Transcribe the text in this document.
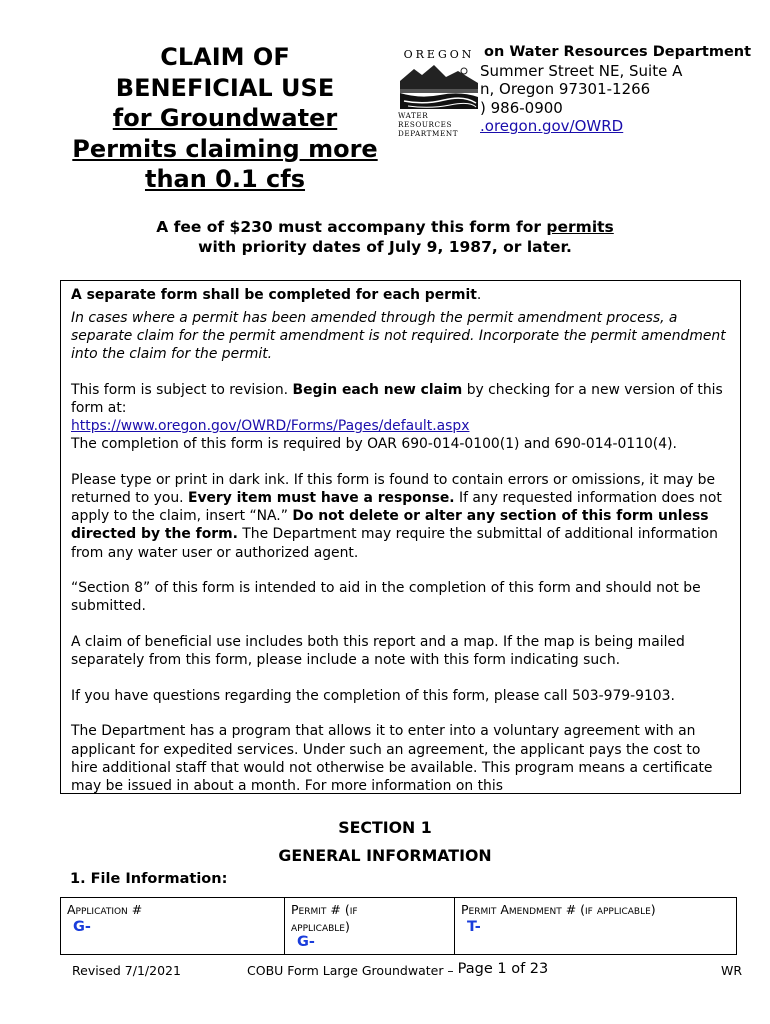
CLAIM OF
BENEFICIAL USE
for Groundwater
Permits claiming more
than 0.1 cfs
OREGON
WATER RESOURCES
DEPARTMENT
on Water Resources Department
Summer Street NE, Suite A
n, Oregon 97301-1266
) 986-0900
.oregon.gov/OWRD
A fee of $230 must accompany this form for permits
with priority dates of July 9, 1987, or later.

A separate form shall be completed for each permit.

In cases where a permit has been amended through the permit amendment process, a separate claim for the permit amendment is not required. Incorporate the permit amendment into the claim for the permit.

This form is subject to revision. Begin each new claim by checking for a new version of this form at:
https://www.oregon.gov/OWRD/Forms/Pages/default.aspx

The completion of this form is required by OAR 690-014-0100(1) and 690-014-0110(4).

Please type or print in dark ink. If this form is found to contain errors or omissions, it may be returned to you. Every item must have a response. If any requested information does not apply to the claim, insert “NA.” Do not delete or alter any section of this form unless directed by the form. The Department may require the submittal of additional information from any water user or authorized agent.

“Section 8” of this form is intended to aid in the completion of this form and should not be submitted.

A claim of beneficial use includes both this report and a map. If the map is being mailed separately from this form, please include a note with this form indicating such.

If you have questions regarding the completion of this form, please call 503-979-9103.

The Department has a program that allows it to enter into a voluntary agreement with an applicant for expedited services. Under such an agreement, the applicant pays the cost to hire additional staff that would not otherwise be available. This program means a certificate may be issued in about a month. For more information on this

SECTION 1
GENERAL INFORMATION
1. File Information:
Application #
G-
Permit # (if
applicable)
G-
Permit Amendment # (if applicable)
T-
Revised 7/1/2021	COBU Form Large Groundwater – Page 1 of 23	WR
